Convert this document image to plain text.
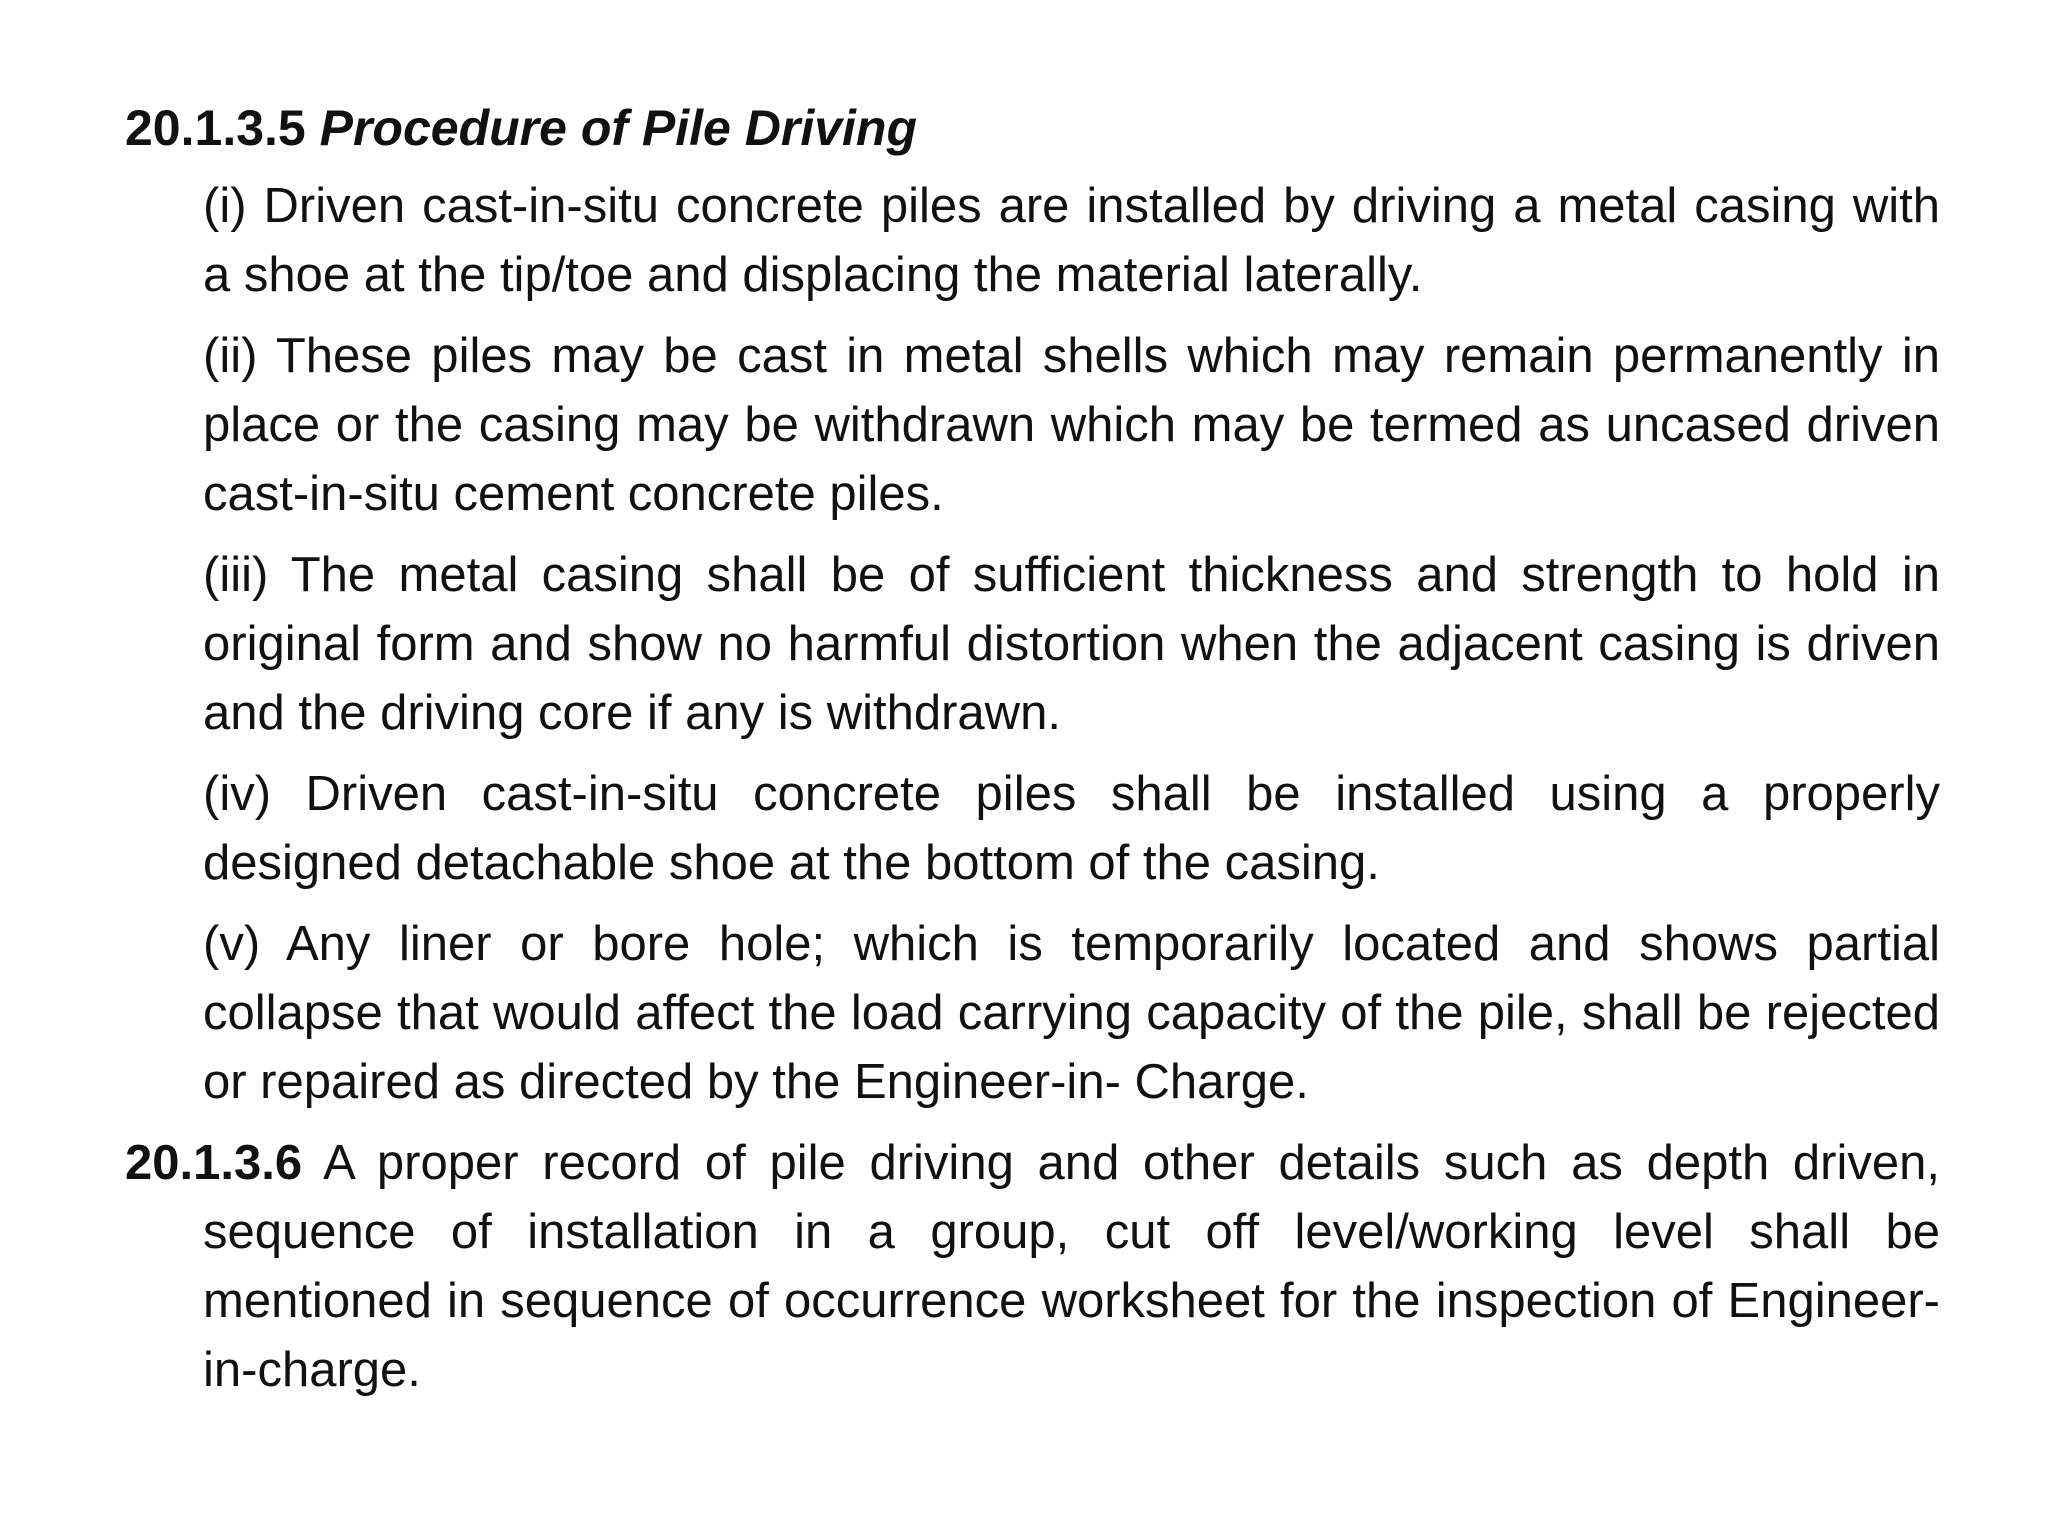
20.1.3.5 Procedure of Pile Driving
(i) Driven cast-in-situ concrete piles are installed by driving a metal casing with a shoe at the tip/toe and displacing the material laterally.
(ii) These piles may be cast in metal shells which may remain permanently in place or the casing may be withdrawn which may be termed as uncased driven cast-in-situ cement concrete piles.
(iii) The metal casing shall be of sufficient thickness and strength to hold in original form and show no harmful distortion when the adjacent casing is driven and the driving core if any is withdrawn.
(iv) Driven cast-in-situ concrete piles shall be installed using a properly designed detachable shoe at the bottom of the casing.
(v) Any liner or bore hole; which is temporarily located and shows partial collapse that would affect the load carrying capacity of the pile, shall be rejected or repaired as directed by the Engineer-in- Charge.
20.1.3.6 A proper record of pile driving and other details such as depth driven, sequence of installation in a group, cut off level/working level shall be mentioned in sequence of occurrence worksheet for the inspection of Engineer-in-charge.
